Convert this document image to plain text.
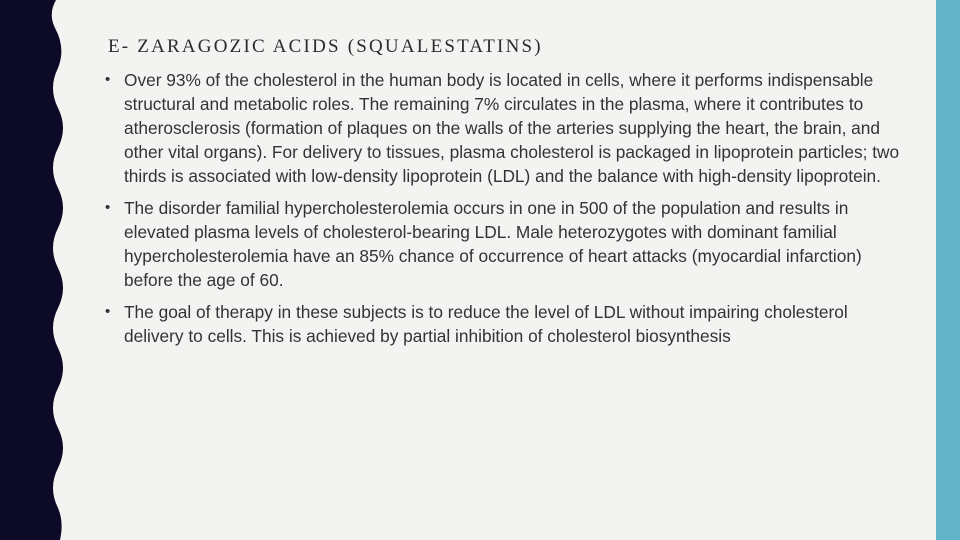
E- ZARAGOZIC ACIDS (SQUALESTATINS)
• Over 93% of the cholesterol in the human body is located in cells, where it performs indispensable structural and metabolic roles. The remaining 7% circulates in the plasma, where it contributes to atherosclerosis (formation of plaques on the walls of the arteries supplying the heart, the brain, and other vital organs). For delivery to tissues, plasma cholesterol is packaged in lipoprotein particles; two thirds is associated with low-density lipoprotein (LDL) and the balance with high-density lipoprotein.
• The disorder familial hypercholesterolemia occurs in one in 500 of the population and results in elevated plasma levels of cholesterol-bearing LDL. Male heterozygotes with dominant familial hypercholesterolemia have an 85% chance of occurrence of heart attacks (myocardial infarction) before the age of 60.
• The goal of therapy in these subjects is to reduce the level of LDL without impairing cholesterol delivery to cells. This is achieved by partial inhibition of cholesterol biosynthesis
